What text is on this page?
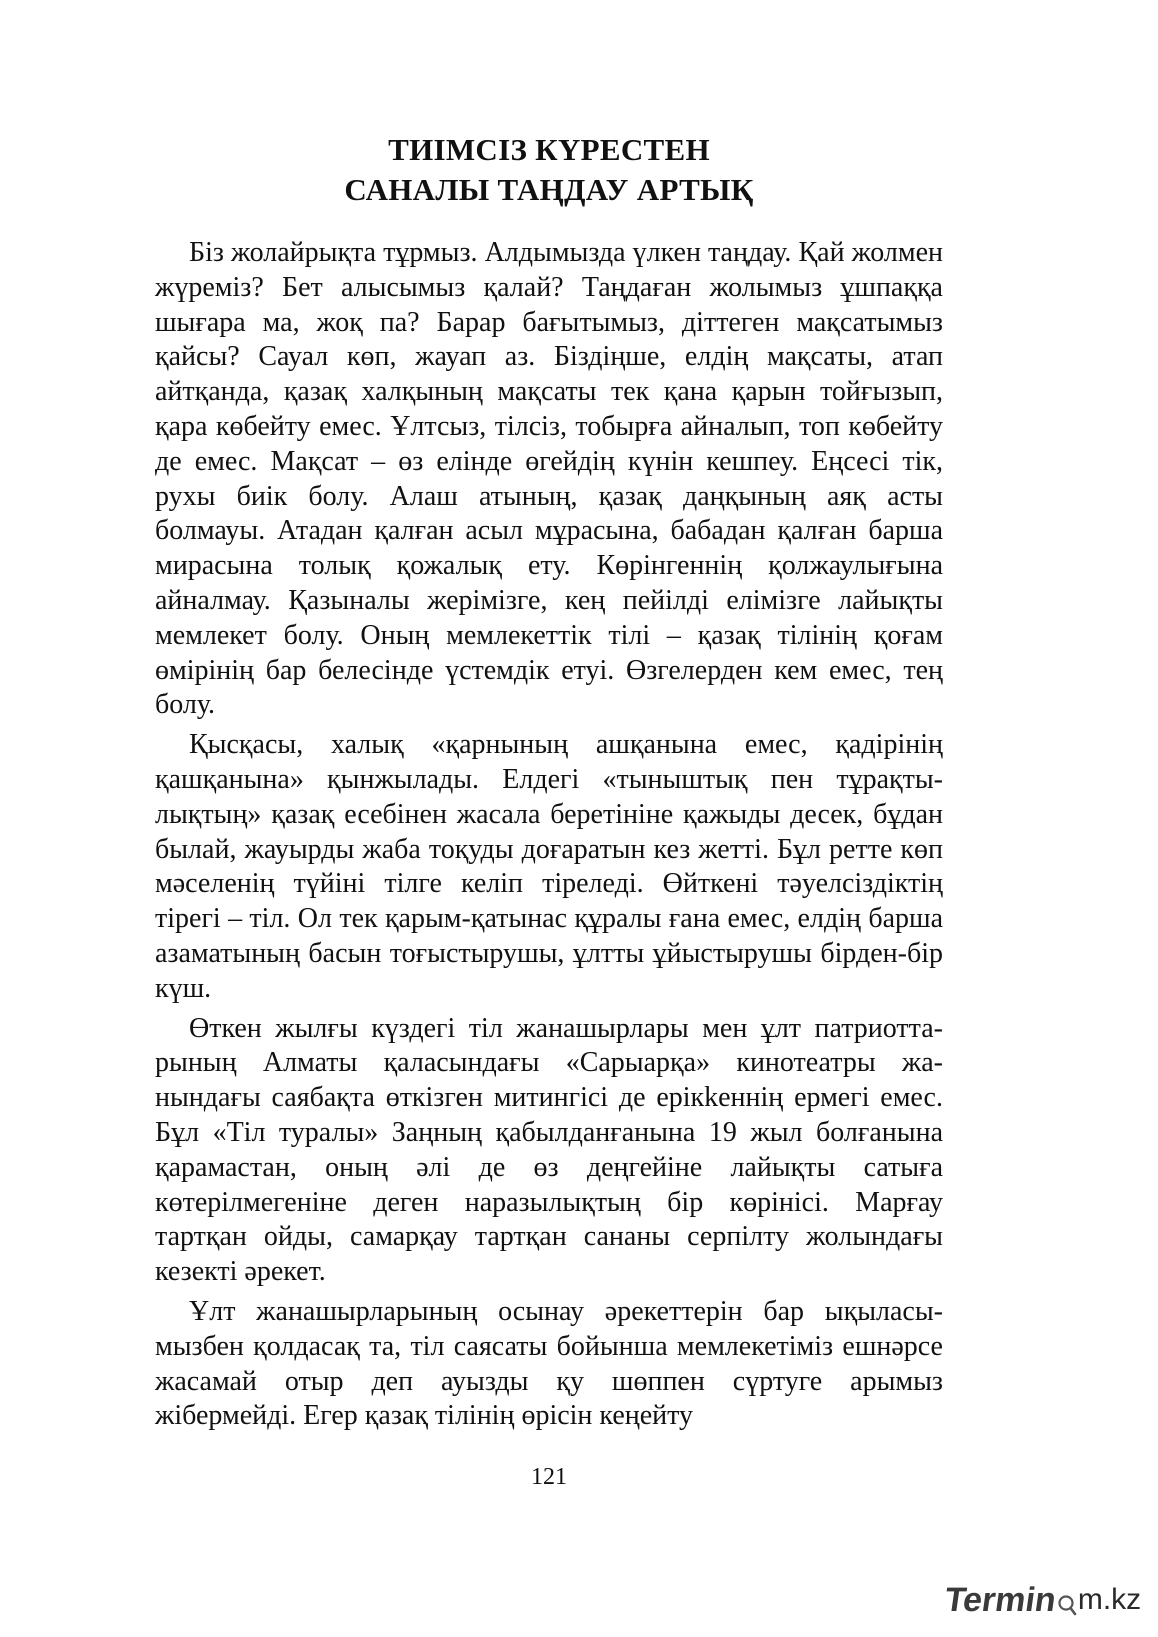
ТИІМСІЗ КҮРЕСТЕН
САНАЛЫ ТАҢДАУ АРТЫҚ

Біз жолайрықта тұрмыз. Алдымызда үлкен таңдау. Қай жолмен жүреміз? Бет алысымыз қалай? Таңдаған жолымыз ұшпаққа шығара ма, жоқ па? Барар бағытымыз, діттеген мақсатымыз қайсы? Сауал көп, жауап аз. Біздіңше, елдің мақсаты, атап айтқанда, қазақ халқының мақсаты тек қана қарын тойғызып, қара көбейту емес. Ұлтсыз, тілсіз, тобырға айналып, топ көбейту де емес. Мақсат – өз елінде өгейдің күнін кешпеу. Еңсесі тік, рухы биік болу. Алаш атының, қазақ даңқының аяқ асты болмауы. Атадан қалған асыл мұрасына, бабадан қалған барша мирасына толық қожалық ету. Көрінгеннің қолжаулығына айналмау. Қазыналы жерімізге, кең пейілді елімізге лайықты мемлекет болу. Оның мемлекеттік тілі – қазақ тілінің қоғам өмірінің бар белесінде үстемдік етуі. Өзгелерден кем емес, тең болу.

Қысқасы, халық «қарнының ашқанына емес, қадірінің қашқанына» қынжылады. Елдегі «тыныштық пен тұрақтылықтың» қазақ есебінен жасала беретініне қажыды десек, бұдан былай, жауырды жаба тоқуды доғаратын кез жетті. Бұл ретте көп мәселенің түйіні тілге келіп тіреледі. Өйткені тәуелсіздіктің тірегі – тіл. Ол тек қарым-қатынас құралы ғана емес, елдің барша азаматының басын тоғыстырушы, ұлтты ұйыстырушы бірден-бір күш.

Өткен жылғы күздегі тіл жанашырлары мен ұлт патриоттарының Алматы қаласындағы «Сарыарқа» кинотеатры жанындағы саябақта өткізген митингісі де ерікkеннің ермегі емес. Бұл «Тіл туралы» Заңның қабылданғанына 19 жыл болғанына қарамастан, оның әлі де өз деңгейіне лайықты сатыға көтерілмегеніне деген наразылықтың бір көрінісі. Марғау тартқан ойды, самарқау тартқан сананы серпілту жолындағы кезекті әрекет.

Ұлт жанашырларының осынау әрекеттерін бар ықыласымызбен қолдасақ та, тіл саясаты бойынша мемлекетіміз ешнәрсе жасамай отыр деп ауызды қу шөппен сүртуге арымыз жібермейді. Егер қазақ тілінің өрісін кеңейту

121
Termin m.kz
